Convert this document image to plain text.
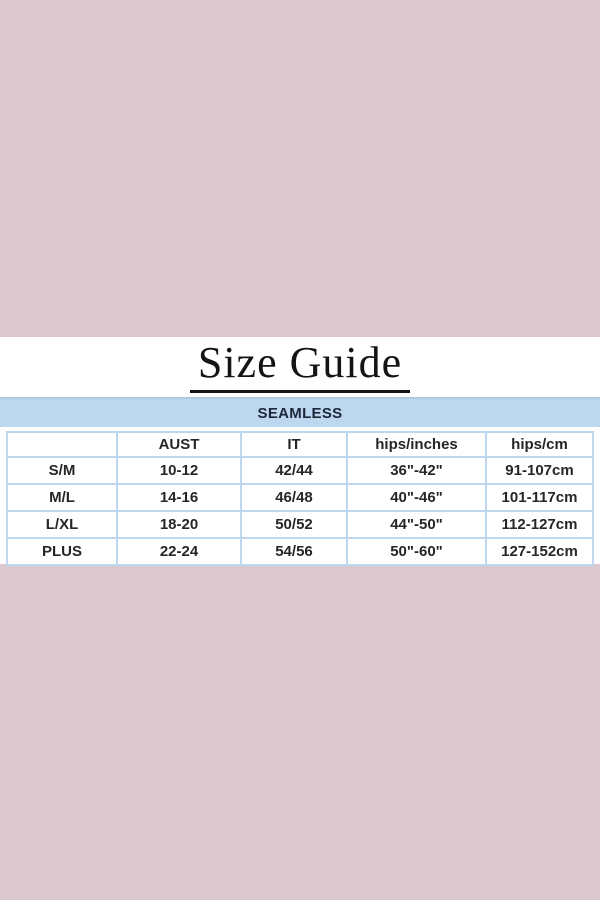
Size Guide
SEAMLESS
	AUST	IT	hips/inches	hips/cm
S/M	10-12	42/44	36"-42"	91-107cm
M/L	14-16	46/48	40"-46"	101-117cm
L/XL	18-20	50/52	44"-50"	112-127cm
PLUS	22-24	54/56	50"-60"	127-152cm
